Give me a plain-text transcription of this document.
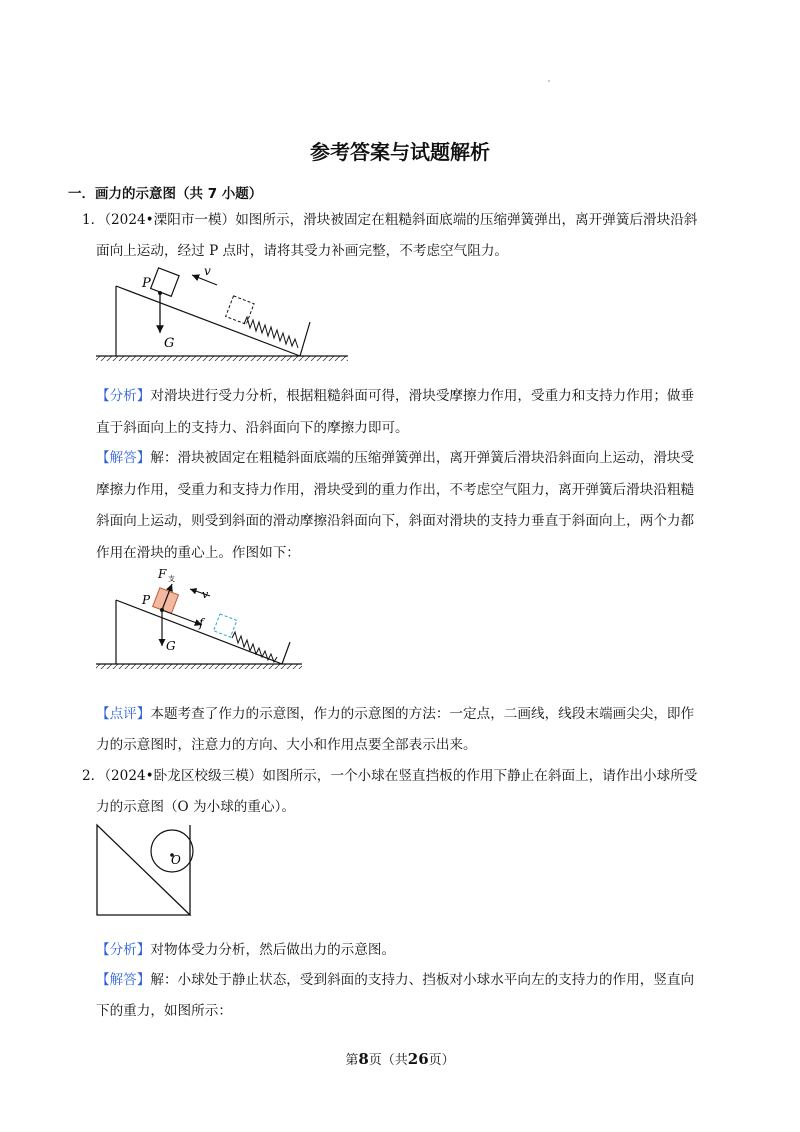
参考答案与试题解析
一．画力的示意图（共 7 小题）
1．（2024•溧阳市一模）如图所示，滑块被固定在粗糙斜面底端的压缩弹簧弹出，离开弹簧后滑块沿斜
面向上运动，经过 P 点时，请将其受力补画完整，不考虑空气阻力。
P
v
G
【分析】对滑块进行受力分析，根据粗糙斜面可得，滑块受摩擦力作用，受重力和支持力作用；做垂
直于斜面向上的支持力、沿斜面向下的摩擦力即可。
【解答】解：滑块被固定在粗糙斜面底端的压缩弹簧弹出，离开弹簧后滑块沿斜面向上运动，滑块受
摩擦力作用，受重力和支持力作用，滑块受到的重力作出，不考虑空气阻力，离开弹簧后滑块沿粗糙
斜面向上运动，则受到斜面的滑动摩擦沿斜面向下，斜面对滑块的支持力垂直于斜面向上，两个力都
作用在滑块的重心上。作图如下：
F 支
P	v
f
G
【点评】本题考查了作力的示意图，作力的示意图的方法：一定点，二画线，线段末端画尖尖，即作
力的示意图时，注意力的方向、大小和作用点要全部表示出来。
2．（2024•卧龙区校级三模）如图所示，一个小球在竖直挡板的作用下静止在斜面上，请作出小球所受
力的示意图（O 为小球的重心）。
O
【分析】对物体受力分析，然后做出力的示意图。
【解答】解：小球处于静止状态，受到斜面的支持力、挡板对小球水平向左的支持力的作用，竖直向
下的重力，如图所示：
第8页（共26页）
